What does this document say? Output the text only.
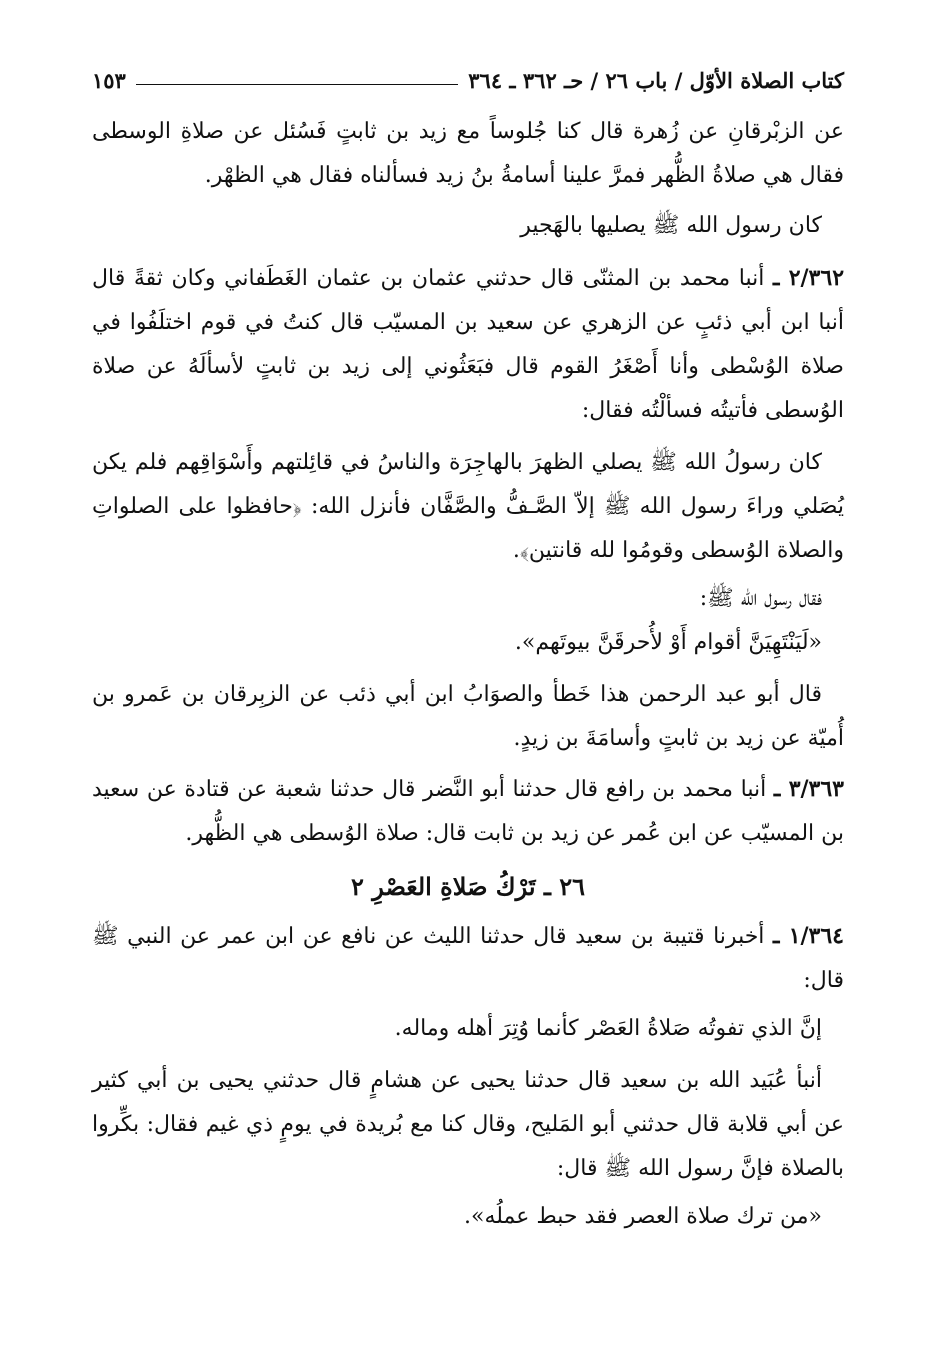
كتاب الصلاة الأوّل / باب ٢٦ / حـ ٣٦٢ ـ ٣٦٤
١٥٣

عن الزبْرقانِ عن زُهرة قال كنا جُلوساً مع زيد بن ثابتٍ فَسُئل عن صلاةِ الوسطى فقال هي صلاةُ الظُّهر فمرَّ علينا أسامةُ بنُ زيد فسألناه فقال هي الظهْر.

كان رسول الله ﷺ يصليها بالهَجير

٢/٣٦٢ ـ أنبا محمد بن المثنّى قال حدثني عثمان بن عثمان الغَطَفاني وكان ثقةً قال أنبا ابن أبي ذئبٍ عن الزهري عن سعيد بن المسيّب قال كنتُ في قوم اختلَفُوا في صلاة الوُسْطى وأنا أَصْغَرُ القوم قال فبَعَثُوني إلى زيد بن ثابتٍ لأسألَهُ عن صلاة الوُسطى فأتيتُه فسألْتُه فقال:

كان رسولُ الله ﷺ يصلي الظهرَ بالهاجِرَة والناسُ في قائِلتهم وأَسْوَاقِهم فلم يكن يُصَلي وراءَ رسول الله ﷺ إلاّ الصَّـفُّ والصَّفَّان فأنزل الله: ﴿حافظوا على الصلواتِ والصلاة الوُسطى وقومُوا لله قانتين﴾.

فقال رسول الله ﷺ:

«لَيَنْتَهِيَنَّ أقوام أَوْ لأُحرقَنَّ بيوتَهم».

قال أبو عبد الرحمن هذا خَطأ والصوَابُ ابن أبي ذئب عن الزبِرقان بن عَمرو بن أُميّة عن زيد بن ثابتٍ وأسامَةَ بن زيدٍ.

٣/٣٦٣ ـ أنبا محمد بن رافع قال حدثنا أبو النَّضر قال حدثنا شعبة عن قتادة عن سعيد بن المسيّب عن ابن عُمر عن زيد بن ثابت قال: صلاة الوُسطى هي الظُّهر.

٢٦ ـ تَرْكُ صَلاةِ العَصْرِ ٢

١/٣٦٤ ـ أخبرنا قتيبة بن سعيد قال حدثنا الليث عن نافع عن ابن عمر عن النبي ﷺ قال:

إنَّ الذي تفوتُه صَلاةُ العَصْر كأنما وُتِرَ أهله وماله.

أنبأ عُبَيد الله بن سعيد قال حدثنا يحيى عن هشامٍ قال حدثني يحيى بن أبي كثير عن أبي قلابة قال حدثني أبو المَليح، وقال كنا مع بُريدة في يومٍ ذي غيم فقال: بكِّروا بالصلاة فإنَّ رسول الله ﷺ قال:

«من ترك صلاة العصر فقد حبط عملُه».
